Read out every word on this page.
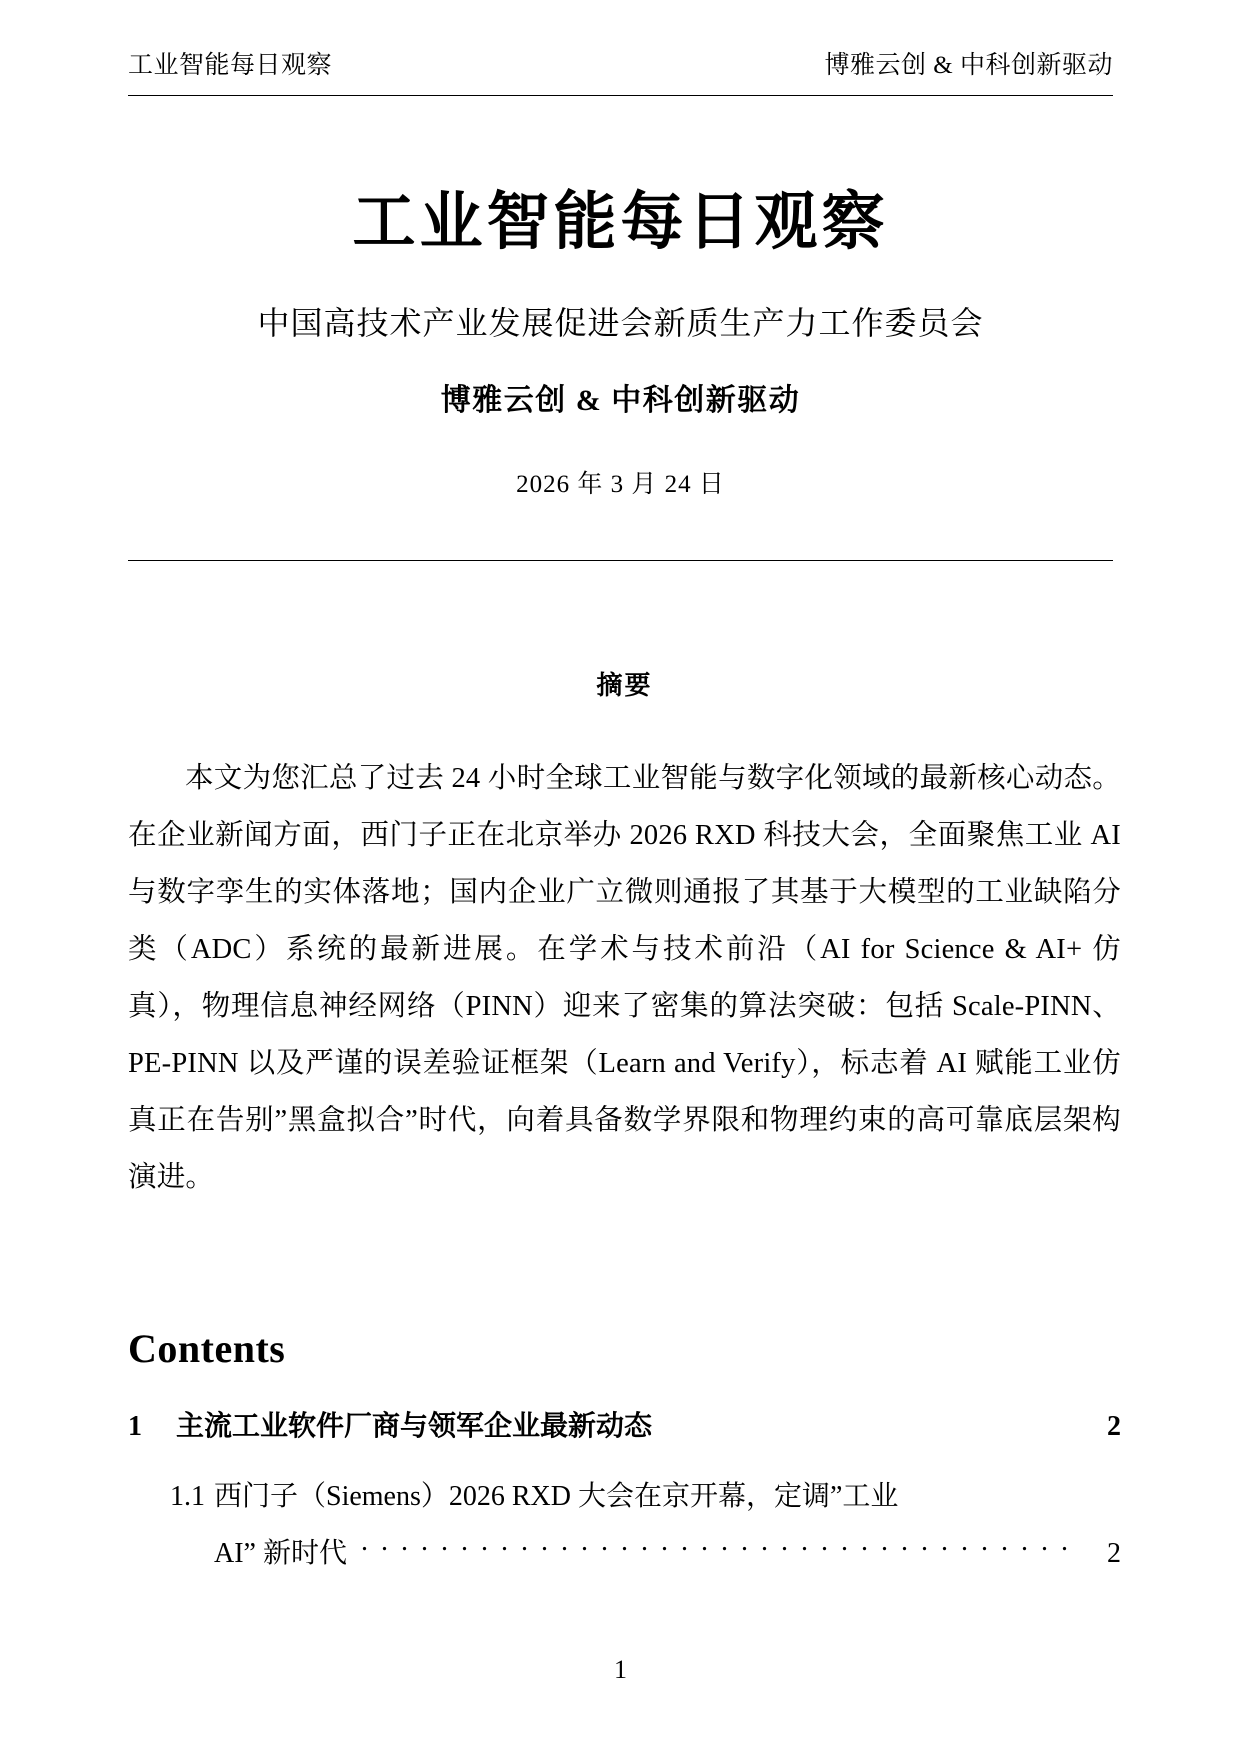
工业智能每日观察	博雅云创 & 中科创新驱动
工业智能每日观察
中国高技术产业发展促进会新质生产力工作委员会
博雅云创 & 中科创新驱动
2026 年 3 月 24 日
摘要

本文为您汇总了过去 24 小时全球工业智能与数字化领域的最新核心动态。在企业新闻方面，西门子正在北京举办 2026 RXD 科技大会，全面聚焦工业 AI 与数字孪生的实体落地；国内企业广立微则通报了其基于大模型的工业缺陷分类（ADC）系统的最新进展。在学术与技术前沿（AI for Science & AI+ 仿真），物理信息神经网络（PINN）迎来了密集的算法突破：包括 Scale-PINN、PE-PINN 以及严谨的误差验证框架（Learn and Verify），标志着 AI 赋能工业仿真正在告别”黑盒拟合”时代，向着具备数学界限和物理约束的高可靠底层架构演进。

Contents
1	主流工业软件厂商与领军企业最新动态	2
1.1 西门子（Siemens）2026 RXD 大会在京开幕，定调”工业
AI” 新时代 . . .	2
1
